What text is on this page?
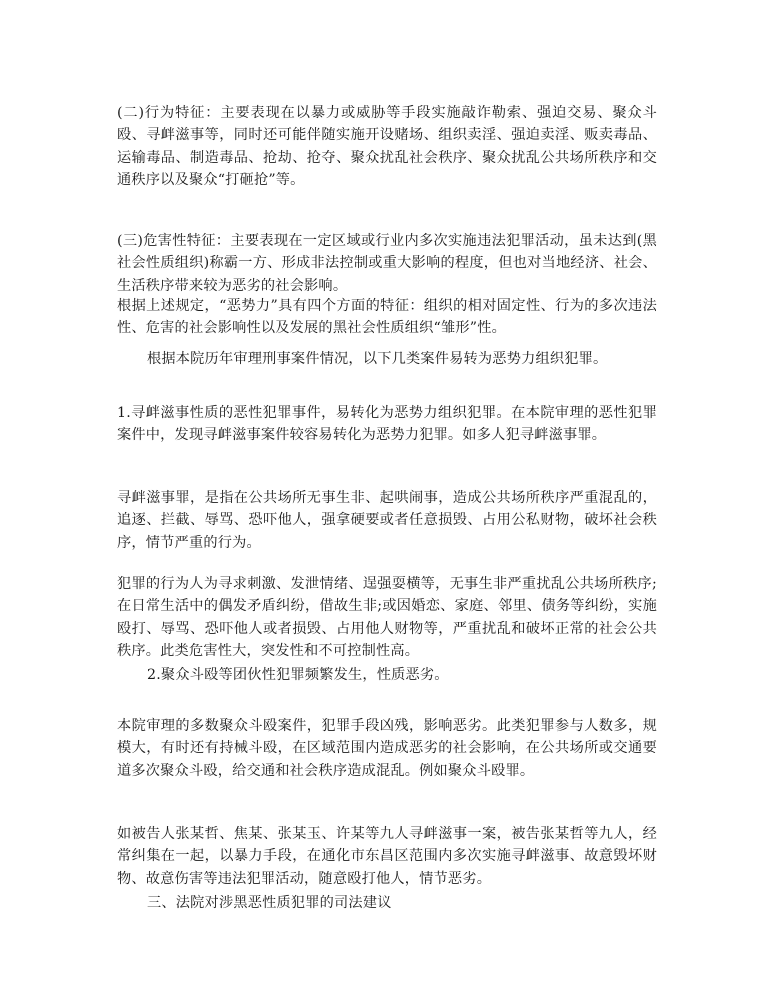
(二)行为特征：主要表现在以暴力或威胁等手段实施敲诈勒索、强迫交易、聚众斗殴、寻衅滋事等，同时还可能伴随实施开设赌场、组织卖淫、强迫卖淫、贩卖毒品、运输毒品、制造毒品、抢劫、抢夺、聚众扰乱社会秩序、聚众扰乱公共场所秩序和交通秩序以及聚众“打砸抢”等。

(三)危害性特征：主要表现在一定区域或行业内多次实施违法犯罪活动，虽未达到(黑社会性质组织)称霸一方、形成非法控制或重大影响的程度，但也对当地经济、社会、生活秩序带来较为恶劣的社会影响。

根据上述规定，“恶势力”具有四个方面的特征：组织的相对固定性、行为的多次违法性、危害的社会影响性以及发展的黑社会性质组织“雏形”性。

根据本院历年审理刑事案件情况，以下几类案件易转为恶势力组织犯罪。

1.寻衅滋事性质的恶性犯罪事件，易转化为恶势力组织犯罪。在本院审理的恶性犯罪案件中，发现寻衅滋事案件较容易转化为恶势力犯罪。如多人犯寻衅滋事罪。

寻衅滋事罪，是指在公共场所无事生非、起哄闹事，造成公共场所秩序严重混乱的，追逐、拦截、辱骂、恐吓他人，强拿硬要或者任意损毁、占用公私财物，破坏社会秩序，情节严重的行为。

犯罪的行为人为寻求刺激、发泄情绪、逞强耍横等，无事生非严重扰乱公共场所秩序;在日常生活中的偶发矛盾纠纷，借故生非;或因婚恋、家庭、邻里、债务等纠纷，实施殴打、辱骂、恐吓他人或者损毁、占用他人财物等，严重扰乱和破坏正常的社会公共秩序。此类危害性大，突发性和不可控制性高。

2.聚众斗殴等团伙性犯罪频繁发生，性质恶劣。

本院审理的多数聚众斗殴案件，犯罪手段凶残，影响恶劣。此类犯罪参与人数多，规模大，有时还有持械斗殴，在区域范围内造成恶劣的社会影响，在公共场所或交通要道多次聚众斗殴，给交通和社会秩序造成混乱。例如聚众斗殴罪。

如被告人张某哲、焦某、张某玉、许某等九人寻衅滋事一案，被告张某哲等九人，经常纠集在一起，以暴力手段，在通化市东昌区范围内多次实施寻衅滋事、故意毁坏财物、故意伤害等违法犯罪活动，随意殴打他人，情节恶劣。

三、法院对涉黑恶性质犯罪的司法建议
